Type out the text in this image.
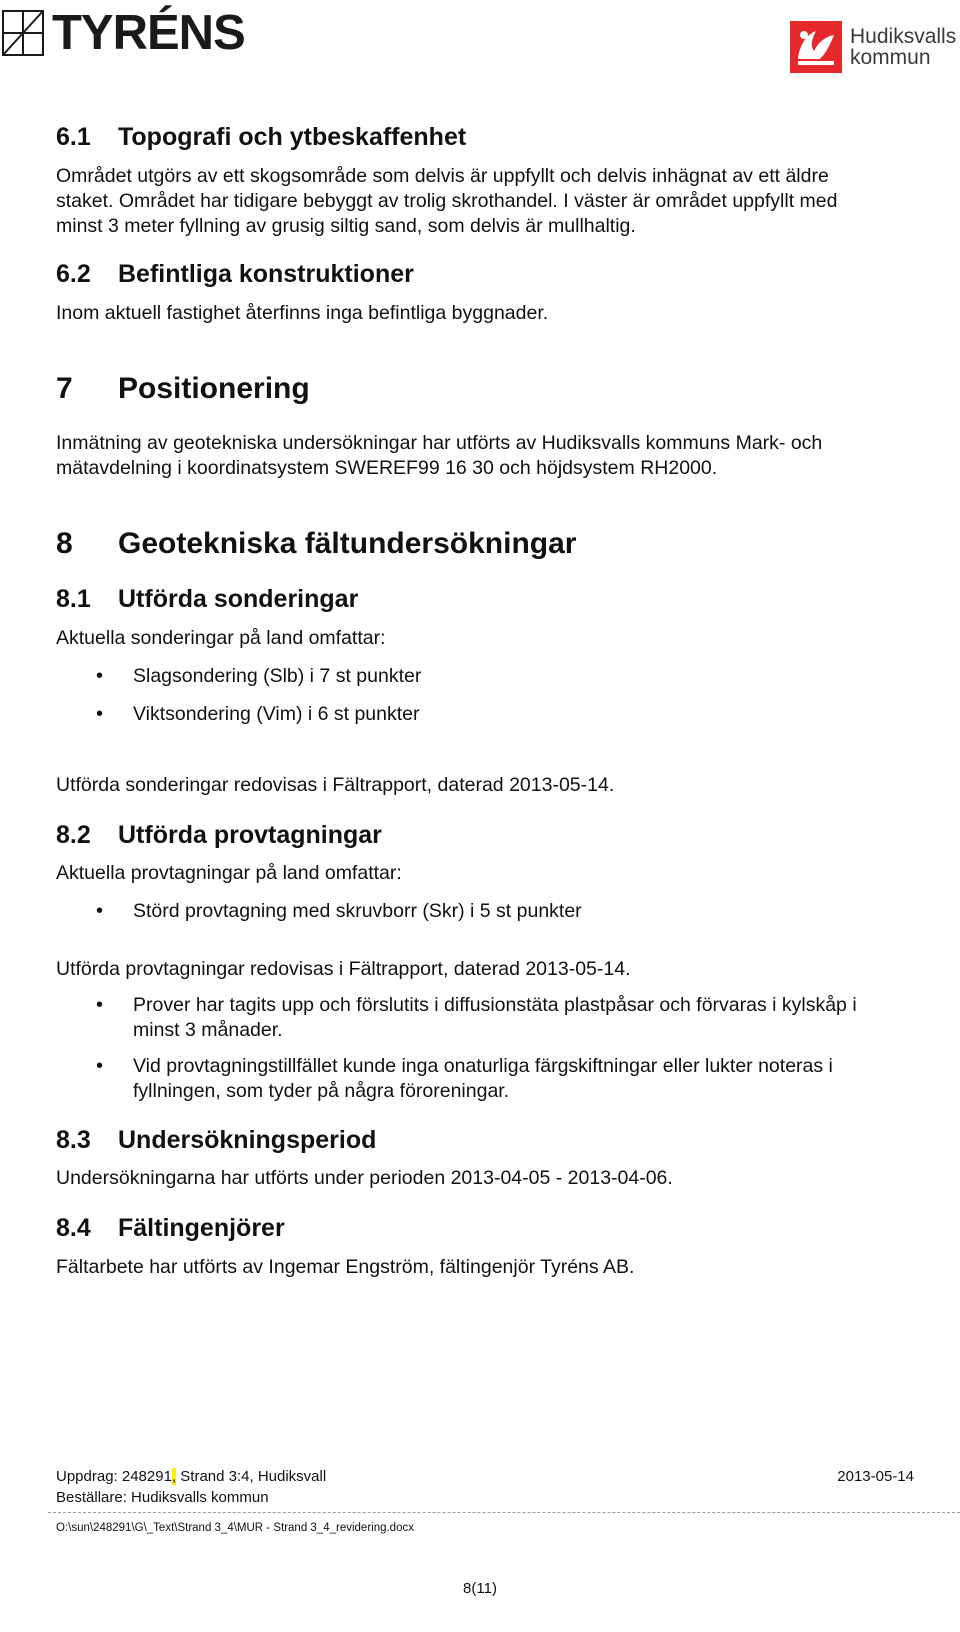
TYRÉNS	Hudiksvalls
kommun
6.1 Topografi och ytbeskaffenhet
Området utgörs av ett skogsområde som delvis är uppfyllt och delvis inhägnat av ett äldre
staket. Området har tidigare bebyggt av trolig skrothandel. I väster är området uppfyllt med
minst 3 meter fyllning av grusig siltig sand, som delvis är mullhaltig.
6.2 Befintliga konstruktioner
Inom aktuell fastighet återfinns inga befintliga byggnader.
7 Positionering
Inmätning av geotekniska undersökningar har utförts av Hudiksvalls kommuns Mark- och
mätavdelning i koordinatsystem SWEREF99 16 30 och höjdsystem RH2000.
8 Geotekniska fältundersökningar
8.1 Utförda sonderingar
Aktuella sonderingar på land omfattar:
• Slagsondering (Slb) i 7 st punkter
• Viktsondering (Vim) i 6 st punkter
Utförda sonderingar redovisas i Fältrapport, daterad 2013-05-14.
8.2 Utförda provtagningar
Aktuella provtagningar på land omfattar:
• Störd provtagning med skruvborr (Skr) i 5 st punkter
Utförda provtagningar redovisas i Fältrapport, daterad 2013-05-14.
• Prover har tagits upp och förslutits i diffusionstäta plastpåsar och förvaras i kylskåp i
minst 3 månader.
• Vid provtagningstillfället kunde inga onaturliga färgskiftningar eller lukter noteras i
fyllningen, som tyder på några föroreningar.
8.3 Undersökningsperiod
Undersökningarna har utförts under perioden 2013-04-05 - 2013-04-06.
8.4 Fältingenjörer
Fältarbete har utförts av Ingemar Engström, fältingenjör Tyréns AB.
Uppdrag: 248291, Strand 3:4, Hudiksvall	2013-05-14
Beställare: Hudiksvalls kommun
O:\sun\248291\G\_Text\Strand 3_4\MUR - Strand 3_4_revidering.docx
8(11)
